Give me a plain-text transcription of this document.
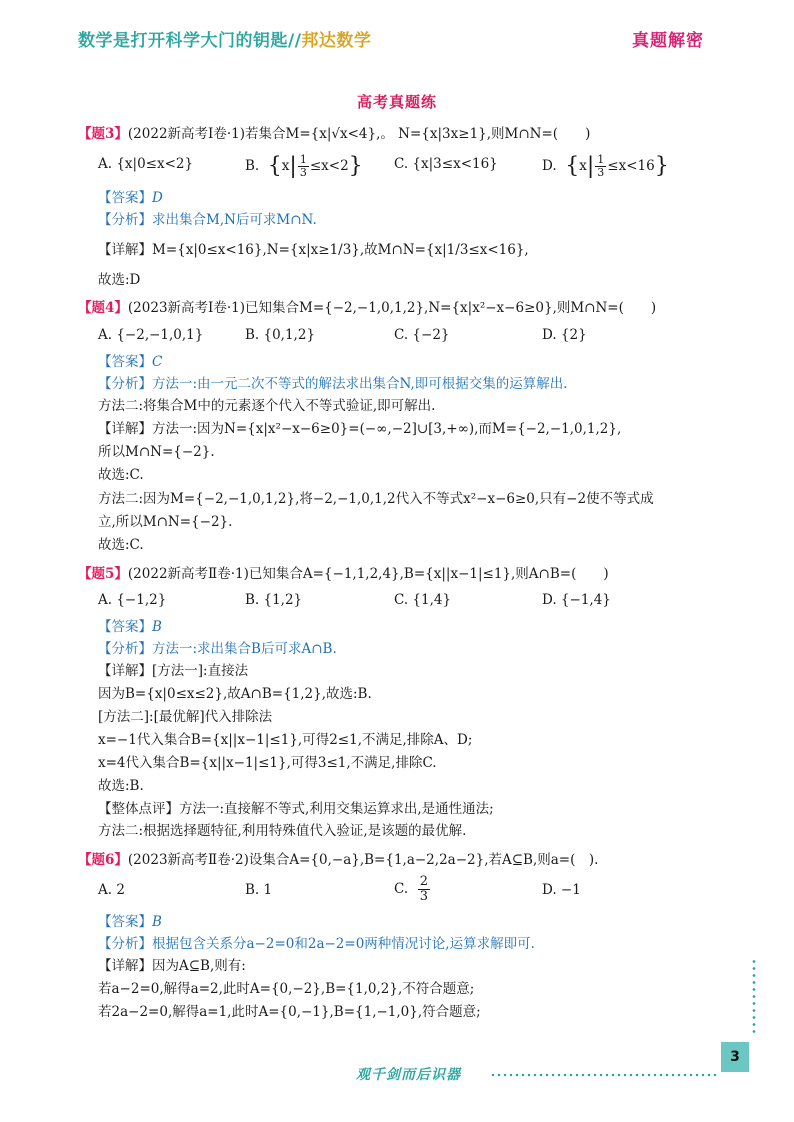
数学是打开科学大门的钥匙//邦达数学	真题解密
高考真题练
【题3】(2022新高考Ⅰ卷·1)若集合M={x|√x<4},。 N={x|3x≥1},则M∩N=(　　)
A. {x|0≤x<2}	B.  $\{x| \frac{1}{3} \le x<2\}$ C. {x|3≤x<16}	D.  $\{x| \frac{1}{3} \le x<16\}$
【答案】D
【分析】求出集合M,N后可求M∩N.
【详解】M={x|0≤x<16},N={x|x≥1/3},故M∩N={x|1/3≤x<16},
故选:D
【题4】(2023新高考Ⅰ卷·1)已知集合M={−2,−1,0,1,2},N={x|x²−x−6≥0},则M∩N=(　　)
A. {−2,−1,0,1}	B. {0,1,2}	C. {−2}	D. {2}
【答案】C
【分析】方法一:由一元二次不等式的解法求出集合N,即可根据交集的运算解出.
方法二:将集合M中的元素逐个代入不等式验证,即可解出.
【详解】方法一:因为N={x|x²−x−6≥0}=(−∞,−2]∪[3,+∞),而M={−2,−1,0,1,2},
所以M∩N={−2}.
故选:C.
方法二:因为M={−2,−1,0,1,2},将−2,−1,0,1,2代入不等式x²−x−6≥0,只有−2使不等式成
立,所以M∩N={−2}.
故选:C.
【题5】(2022新高考Ⅱ卷·1)已知集合A={−1,1,2,4},B={x||x−1|≤1},则A∩B=(　　)
A. {−1,2}	B. {1,2}	C. {1,4}	D. {−1,4}
【答案】B
【分析】方法一:求出集合B后可求A∩B.
【详解】[方法一]:直接法
因为B={x|0≤x≤2},故A∩B={1,2},故选:B.
[方法二]:[最优解]代入排除法
x=−1代入集合B={x||x−1|≤1},可得2≤1,不满足,排除A、D;
x=4代入集合B={x||x−1|≤1},可得3≤1,不满足,排除C.
故选:B.
【整体点评】方法一:直接解不等式,利用交集运算求出,是通性通法;
方法二:根据选择题特征,利用特殊值代入验证,是该题的最优解.
【题6】(2023新高考Ⅱ卷·2)设集合A={0,−a},B={1,a−2,2a−2},若A⊆B,则a=(　).
A. 2	B. 1	C. $\frac{2}{3}$	D. −1
【答案】B
【分析】根据包含关系分a−2=0和2a−2=0两种情况讨论,运算求解即可.
【详解】因为A⊆B,则有:
若a−2=0,解得a=2,此时A={0,−2},B={1,0,2},不符合题意;
若2a−2=0,解得a=1,此时A={0,−1},B={1,−1,0},符合题意;
3
观千剑而后识器
